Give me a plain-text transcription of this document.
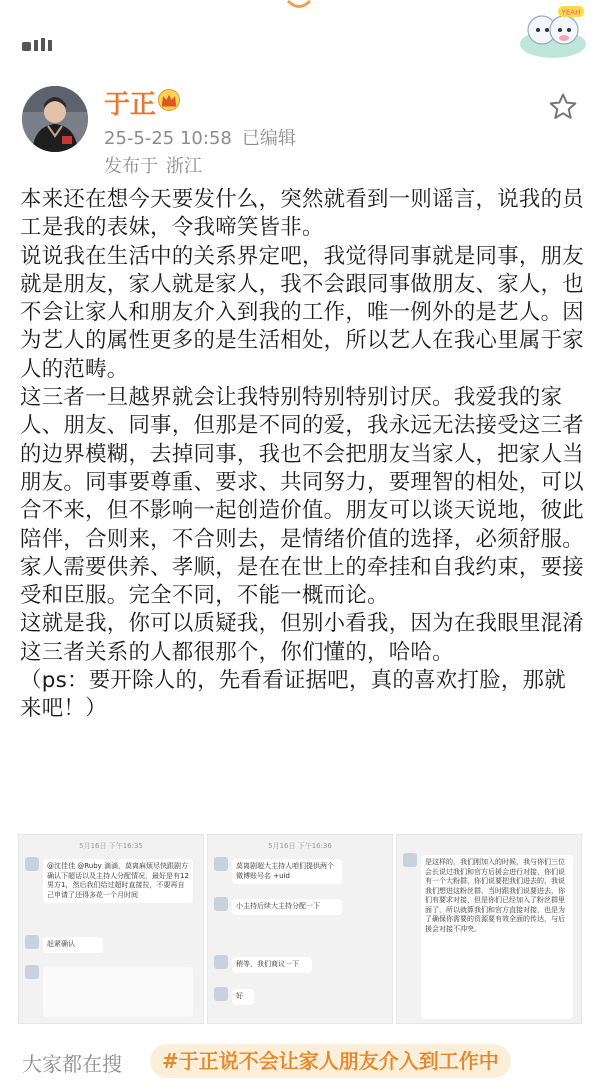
YEAH
于正
25-5-25 10:58 已编辑
发布于 浙江

本来还在想今天要发什么，突然就看到一则谣言，说我的员工是我的表妹，令我啼笑皆非。

说说我在生活中的关系界定吧，我觉得同事就是同事，朋友就是朋友，家人就是家人，我不会跟同事做朋友、家人，也不会让家人和朋友介入到我的工作，唯一例外的是艺人。因为艺人的属性更多的是生活相处，所以艺人在我心里属于家人的范畴。

这三者一旦越界就会让我特别特别特别讨厌。我爱我的家人、朋友、同事，但那是不同的爱，我永远无法接受这三者的边界模糊，去掉同事，我也不会把朋友当家人，把家人当朋友。同事要尊重、要求、共同努力，要理智的相处，可以合不来，但不影响一起创造价值。朋友可以谈天说地，彼此陪伴，合则来，不合则去，是情绪价值的选择，必须舒服。家人需要供养、孝顺，是在在世上的牵挂和自我约束，要接受和臣服。完全不同，不能一概而论。

这就是我，你可以质疑我，但别小看我，因为在我眼里混淆这三者关系的人都很那个，你们懂的，哈哈。

（ps：要开除人的，先看看证据吧，真的喜欢打脸，那就来吧！）

5月16日 下午16:35
@沈佳佳 @Ruby 滴滴，莫离麻烦尽快跟剧方确认下超话以及主持人分配情况，最好是有12男方1，然后我们给过超时直接拉，不要再自己申请了还得多花一个月时间
赶紧确认
5月16日 下午16:36
莫离剧超大主持人咱们提供两个微博账号名 +uid
小主持后续大主持分配一下
稍等，我们商议一下
好
是这样的，我们刚加入的时候，我与你们三位会长说过我们和官方后援会进行对接，你们说有一个大粉群，你们说要把我们进去的，我说我们想进这粉丝群，当时跟我们说要进去，你们有要求对接，但是你们已经加入了粉丝群里面了，所以就算我们和官方直接对接，也是为了确保你需要的资源要有效全面的传达，与后援会对接不冲突。
大家都在搜	#于正说不会让家人朋友介入到工作中
